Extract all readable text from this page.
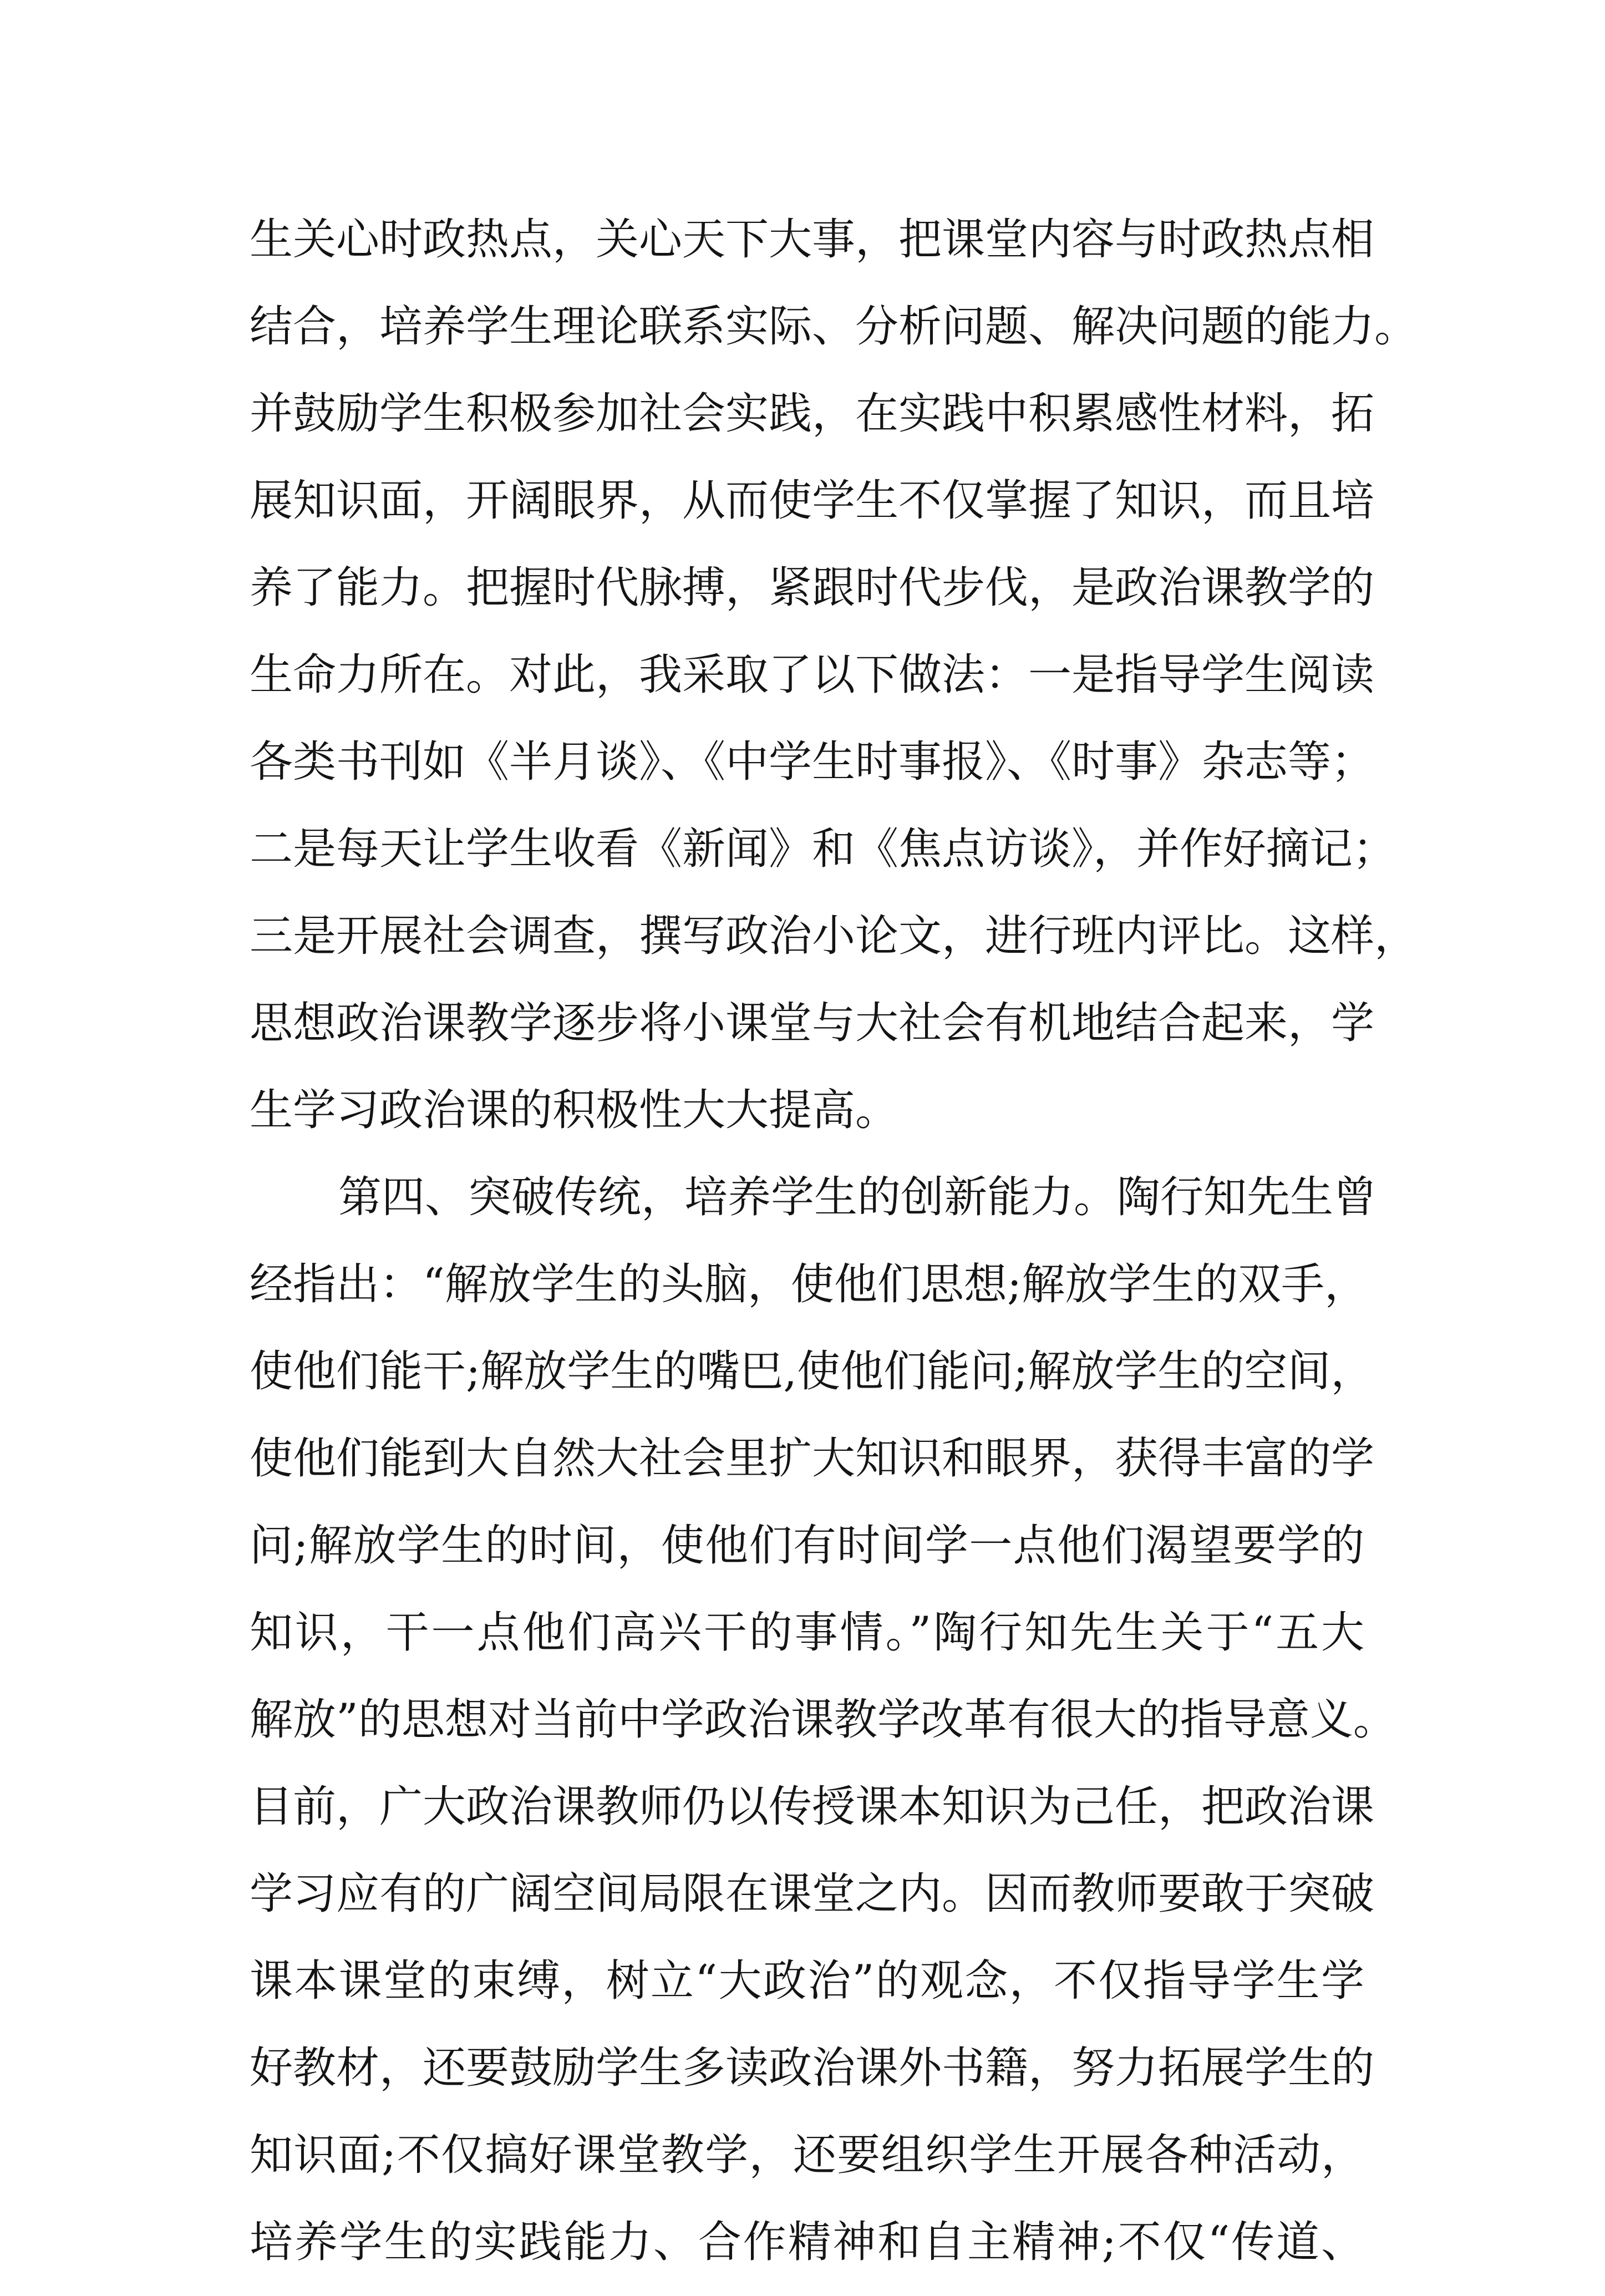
生关心时政热点，关心天下大事，把课堂内容与时政热点相
结合，培养学生理论联系实际、分析问题、解决问题的能力。
并鼓励学生积极参加社会实践，在实践中积累感性材料，拓
展知识面，开阔眼界，从而使学生不仅掌握了知识，而且培
养了能力。把握时代脉搏，紧跟时代步伐，是政治课教学的
生命力所在。对此，我采取了以下做法：一是指导学生阅读
各类书刊如《半月谈》、《中学生时事报》、《时事》杂志等；
二是每天让学生收看《新闻》和《焦点访谈》，并作好摘记；
三是开展社会调查，撰写政治小论文，进行班内评比。这样，
思想政治课教学逐步将小课堂与大社会有机地结合起来，学
生学习政治课的积极性大大提高。
第四、突破传统，培养学生的创新能力。陶行知先生曾
经指出：“解放学生的头脑，使他们思想;解放学生的双手，
使他们能干;解放学生的嘴巴,使他们能问;解放学生的空间，
使他们能到大自然大社会里扩大知识和眼界，获得丰富的学
问;解放学生的时间，使他们有时间学一点他们渴望要学的
知识，干一点他们高兴干的事情。”陶行知先生关于“五大
解放”的思想对当前中学政治课教学改革有很大的指导意义。
目前，广大政治课教师仍以传授课本知识为己任，把政治课
学习应有的广阔空间局限在课堂之内。因而教师要敢于突破
课本课堂的束缚，树立“大政治”的观念，不仅指导学生学
好教材，还要鼓励学生多读政治课外书籍，努力拓展学生的
知识面;不仅搞好课堂教学，还要组织学生开展各种活动，
培养学生的实践能力、合作精神和自主精神;不仅“传道、
